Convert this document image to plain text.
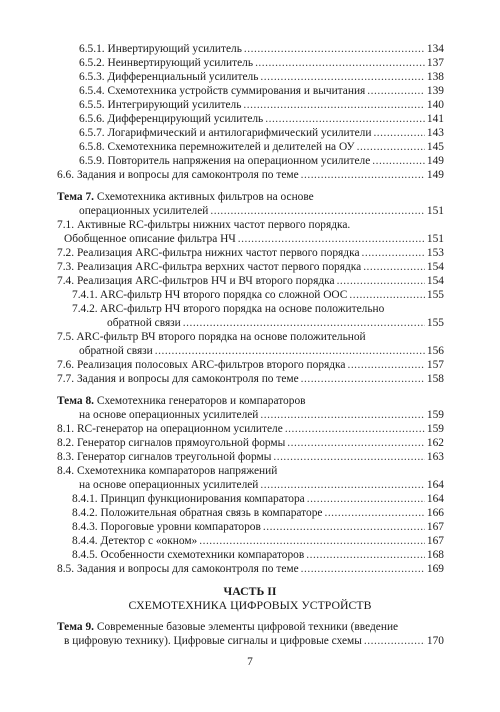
6.5.1. Инвертирующий усилитель .....	134
6.5.2. Неинвертирующий усилитель .....	137
6.5.3. Дифференциальный усилитель .....	138
6.5.4. Схемотехника устройств суммирования и вычитания .....	139
6.5.5. Интегрирующий усилитель .....	140
6.5.6. Дифференцирующий усилитель .....	141
6.5.7. Логарифмический и антилогарифмический усилители .....	143
6.5.8. Схемотехника перемножителей и делителей на ОУ .....	145
6.5.9. Повторитель напряжения на операционном усилителе .....	149
6.6. Задания и вопросы для самоконтроля по теме .....	149
Тема 7. Схемотехника активных фильтров на основе
операционных усилителей .....	151
7.1. Активные RC-фильтры нижних частот первого порядка.
Обобщенное описание фильтра НЧ .....	151
7.2. Реализация ARC-фильтра нижних частот первого порядка .....	153
7.3. Реализация ARC-фильтра верхних частот первого порядка .....	154
7.4. Реализация ARC-фильтров НЧ и ВЧ второго порядка .....	154
7.4.1. ARC-фильтр НЧ второго порядка со сложной ООС .....	155
7.4.2. ARC-фильтр НЧ второго порядка на основе положительно
обратной связи .....	155
7.5. ARC-фильтр ВЧ второго порядка на основе положительной
обратной связи .....	156
7.6. Реализация полосовых ARC-фильтров второго порядка .....	157
7.7. Задания и вопросы для самоконтроля по теме .....	158
Тема 8. Схемотехника генераторов и компараторов
на основе операционных усилителей .....	159
8.1. RC-генератор на операционном усилителе .....	159
8.2. Генератор сигналов прямоугольной формы .....	162
8.3. Генератор сигналов треугольной формы .....	163
8.4. Схемотехника компараторов напряжений
на основе операционных усилителей .....	164
8.4.1. Принцип функционирования компаратора .....	164
8.4.2. Положительная обратная связь в компараторе .....	166
8.4.3. Пороговые уровни компараторов .....	167
8.4.4. Детектор с «окном» .....	167
8.4.5. Особенности схемотехники компараторов .....	168
8.5. Задания и вопросы для самоконтроля по теме .....	169
ЧАСТЬ II
СХЕМОТЕХНИКА ЦИФРОВЫХ УСТРОЙСТВ
Тема 9. Современные базовые элементы цифровой техники (введение
в цифровую технику). Цифровые сигналы и цифровые схемы .....	170
7
